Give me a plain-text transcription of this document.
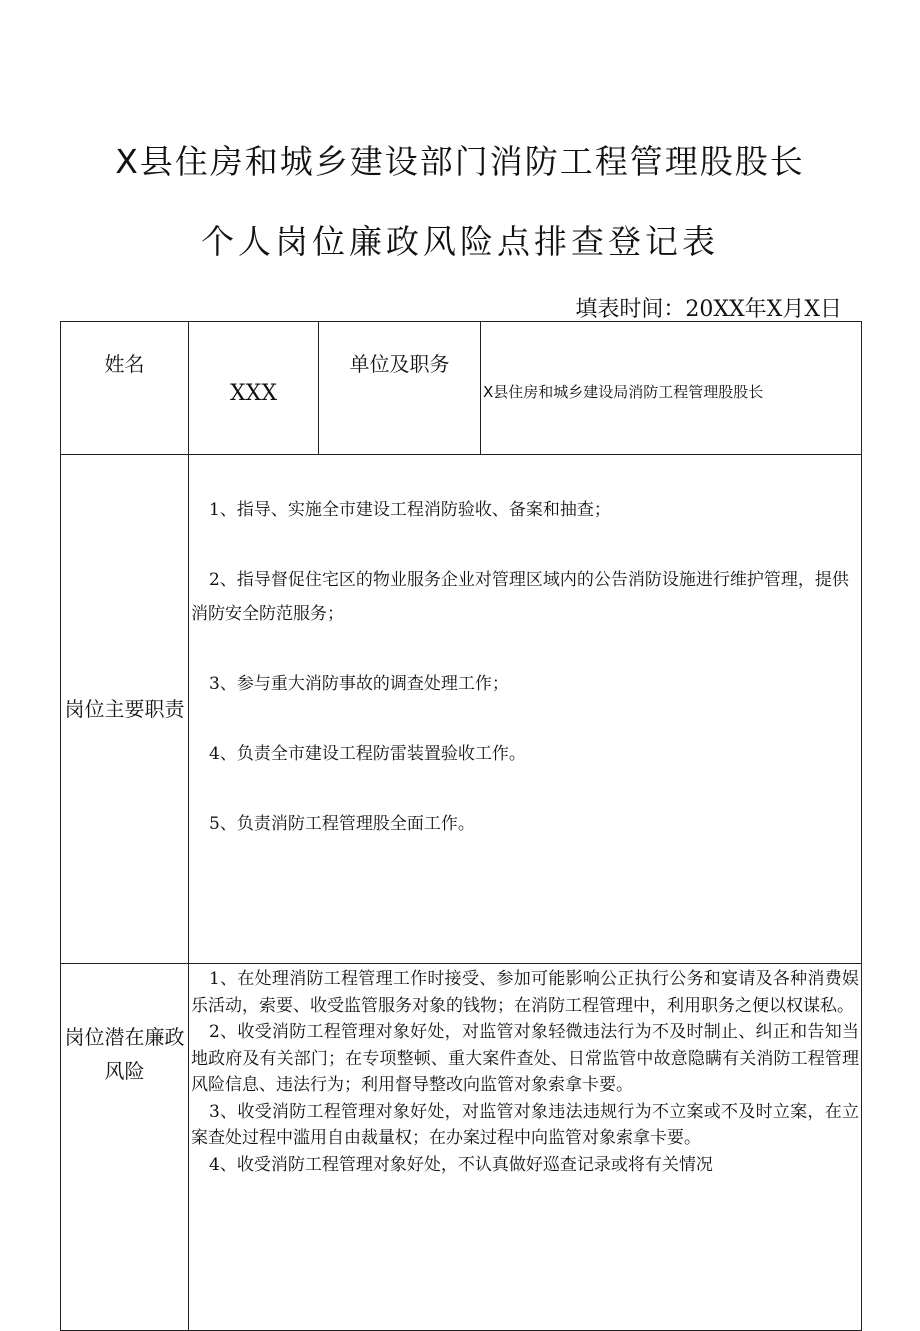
X县住房和城乡建设部门消防工程管理股股长
个人岗位廉政风险点排查登记表
填表时间：20XX年X月X日
姓名	XXX	单位及职务	X县住房和城乡建设局消防工程管理股股长
岗位主要职责	1、指导、实施全市建设工程消防验收、备案和抽查；

2、指导督促住宅区的物业服务企业对管理区域内的公告消防设施进行维护管理，提供消防安全防范服务；

3、参与重大消防事故的调查处理工作；

4、负责全市建设工程防雷装置验收工作。

5、负责消防工程管理股全面工作。		

岗位潜在廉政风险	1、在处理消防工程管理工作时接受、参加可能影响公正执行公务和宴请及各种消费娱乐活动，索要、收受监管服务对象的钱物；在消防工程管理中，利用职务之便以权谋私。

2、收受消防工程管理对象好处，对监管对象轻微违法行为不及时制止、纠正和告知当地政府及有关部门；在专项整顿、重大案件查处、日常监管中故意隐瞒有关消防工程管理风险信息、违法行为；利用督导整改向监管对象索拿卡要。

3、收受消防工程管理对象好处，对监管对象违法违规行为不立案或不及时立案，在立案查处过程中滥用自由裁量权；在办案过程中向监管对象索拿卡要。

4、收受消防工程管理对象好处，不认真做好巡查记录或将有关情况		
